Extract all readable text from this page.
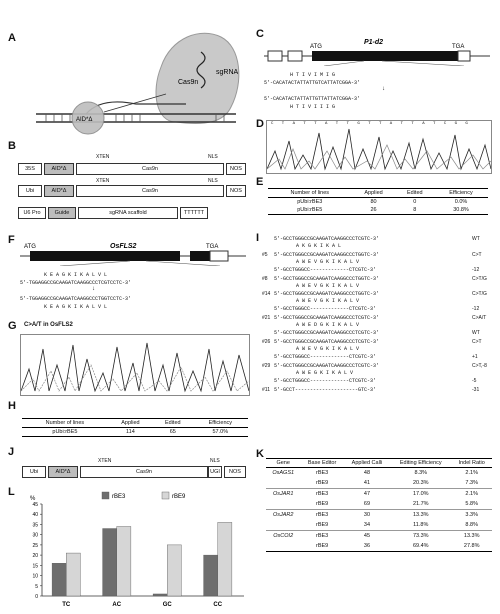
A
B
C
D
E
F
G
H
I
J	K
L
Cas9n
sgRNA
AID*Δ
35S	AID*Δ
XTEN
Cas9n
NLS
NOS
Ubi	AID*Δ
XTEN
Cas9n
NLS
NOS
U6 Pro	Guide	sgRNA scaffold	TTTTTT
ATG	TGA
P1-d2
H T I V I M I G
5'-CACATACTATTATTGTCATTATCGGA-3'
↓
5'-CACATACTATTATTGTTATTATCGGA-3'
H T I V I I I G
C T A T T A T T G T T A T T A T C G G
Number of lines	Applied	Edited	Efficiency
pUbi:rBE3	80	0	0.0%
pUbi:rBE5	26	8	30.8%
ATG	TGA
OsFLS2
K E A G K I K A L V L
5'-TGGAGGCCGCAAGATCAAGGCCCTCGTCCTC-3'
↓
5'-TGGAGGCCGCAAGATCAAGGCCCTGGTCCTC-3'
K E A G K I K A L V L
C>A/T in OsFLS2
Number of lines	Applied	Edited	Efficiency
pUbi:rBE5	114	65	57.0%
5'-GCCTGGGCCGCAAGATCAAGGCCCTCGTC-3'	WT
A K G K I K A L
#5 5'-GCCTGGGCCGCAAGATCAAGGCCCTGGTC-3'	C>T
A W E V G K I K A L V
5'-GCCTGGGCC-------------CTCGTC-3'	-12
#8 5'-GCCTGGGCCGCAAGATCAAGGCCCTGGTC-3'	C>T/G
A W E V G K I K A L V
#14 5'-GCCTGGGCCGCAAGATCAAGGCCCTGGTC-3'	C>T/G
A W E V G K I K A L V
5'-GCCTGGGCC-------------CTCGTC-3'	-12
#21 5'-GCCTGGGCCGCAAGATCAAGGCCCTCGTC-3'	C>A/T
A W E D G K I K A L V
5'-GCCTGGGCCGCAAGATCAAGGCCCTCGTC-3'	WT
#26 5'-GCCTGGGCCGCAAGATCAAGGCCCTCGTC-3'	C>T
A W E V G K I K A L V
5'-GCCTGGGCC-------------CTCGTC-3'	+1
#29 5'-GCCTGGGCCGCAAGATCAAGGCCCTCGTC-3'	C>T,-8
A W E G K I K A L V
5'-GCCTGGGCC-------------CTCGTC-3'	-5
#11 5'-GCCT---------------------GTC-3'	-31
Ubi	AID*Δ
XTEN
Cas9n	UGI
NLS
NOS
Gene	Base Editor	Applied Calli	Editing Efficiency	Indel Ratio
OsAGS1	rBE3	48	8.3%	2.1%
	rBE9	41	20.3%	7.3%
OsJAR1	rBE3	47	17.0%	2.1%
	rBE9	69	21.7%	5.8%
OsJAR2	rBE3	30	13.3%	3.3%
	rBE9	34	11.8%	8.8%
OsCOI2	rBE3	45	73.3%	13.3%
	rBE9	36	69.4%	27.8%
%
0
5
10
15
20
25
30
35
40
45
TC	AC	GC	CC
rBE3	rBE9
